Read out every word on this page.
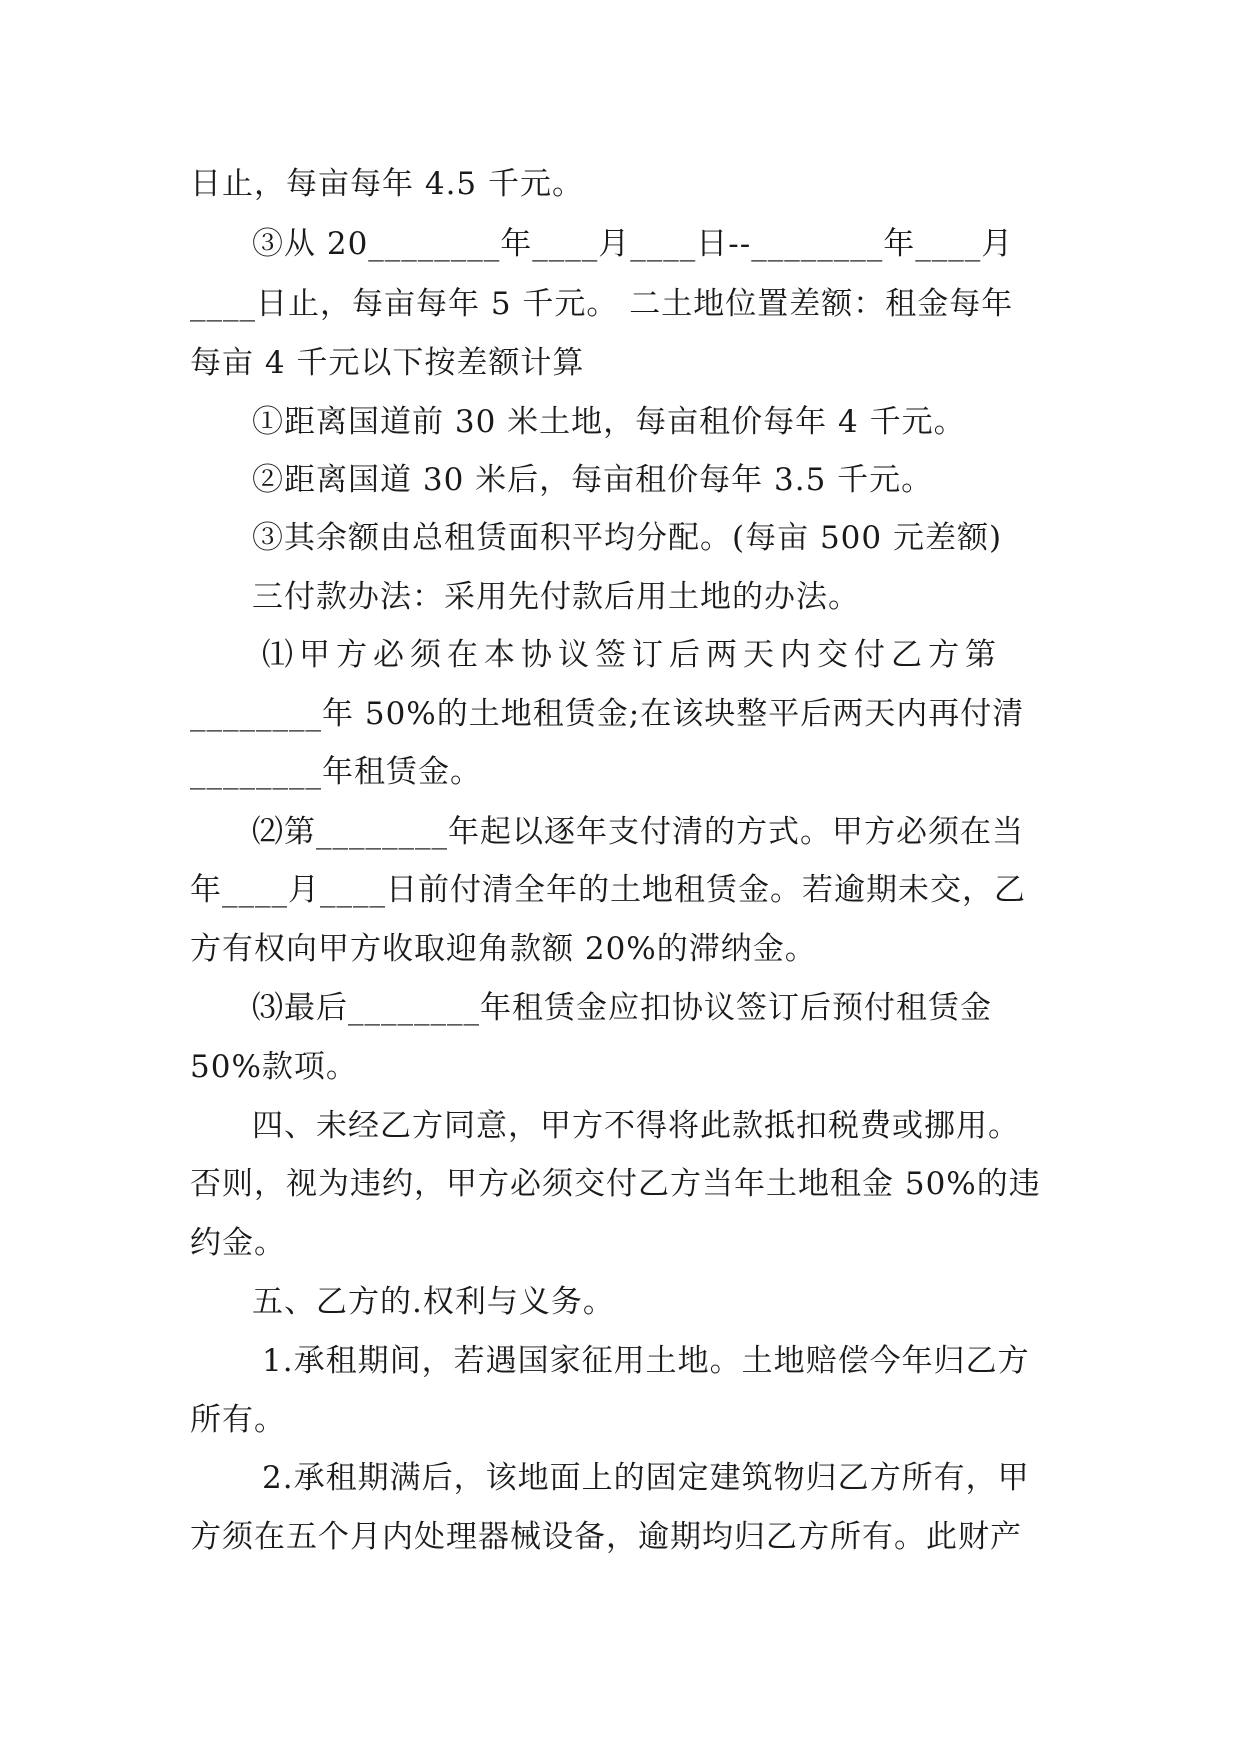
日止，每亩每年 4.5 千元。
③从 20________年____月____日--________年____月
____日止，每亩每年 5 千元。 二土地位置差额：租金每年
每亩 4 千元以下按差额计算
①距离国道前 30 米土地，每亩租价每年 4 千元。
②距离国道 30 米后，每亩租价每年 3.5 千元。
③其余额由总租赁面积平均分配。(每亩 500 元差额)
三付款办法：采用先付款后用土地的办法。
⑴甲方必须在本协议签订后两天内交付乙方第
________年 50%的土地租赁金;在该块整平后两天内再付清
________年租赁金。
⑵第________年起以逐年支付清的方式。甲方必须在当
年____月____日前付清全年的土地租赁金。若逾期未交，乙
方有权向甲方收取迎角款额 20%的滞纳金。
⑶最后________年租赁金应扣协议签订后预付租赁金
50%款项。
四、未经乙方同意，甲方不得将此款抵扣税费或挪用。
否则，视为违约，甲方必须交付乙方当年土地租金 50%的违
约金。
五、乙方的.权利与义务。
1.承租期间，若遇国家征用土地。土地赔偿今年归乙方
所有。
2.承租期满后，该地面上的固定建筑物归乙方所有，甲
方须在五个月内处理器械设备，逾期均归乙方所有。此财产
